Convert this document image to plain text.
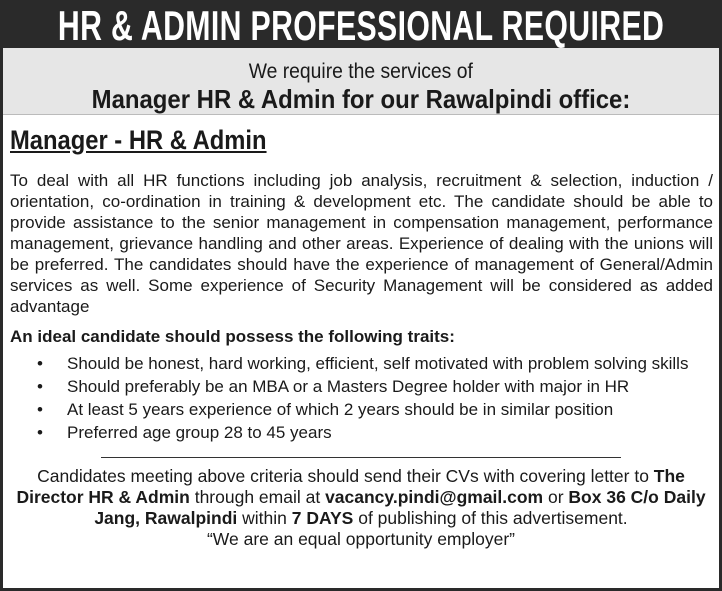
HR & ADMIN PROFESSIONAL REQUIRED
We require the services of
Manager HR & Admin for our Rawalpindi office:
Manager - HR & Admin
To deal with all HR functions including job analysis, recruitment & selection, induction / orientation, co-ordination in training & development etc. The candidate should be able to provide assistance to the senior management in compensation management, performance management, grievance handling and other areas. Experience of dealing with the unions will be preferred. The candidates should have the experience of management of General/Admin services as well. Some experience of Security Management will be considered as added advantage
An ideal candidate should possess the following traits:
• Should be honest, hard working, efficient, self motivated with problem solving skills
• Should preferably be an MBA or a Masters Degree holder with major in HR
• At least 5 years experience of which 2 years should be in similar position
• Preferred age group 28 to 45 years
Candidates meeting above criteria should send their CVs with covering letter to The Director HR & Admin through email at vacancy.pindi@gmail.com or Box 36 C/o Daily Jang, Rawalpindi within 7 DAYS of publishing of this advertisement.
“We are an equal opportunity employer”
